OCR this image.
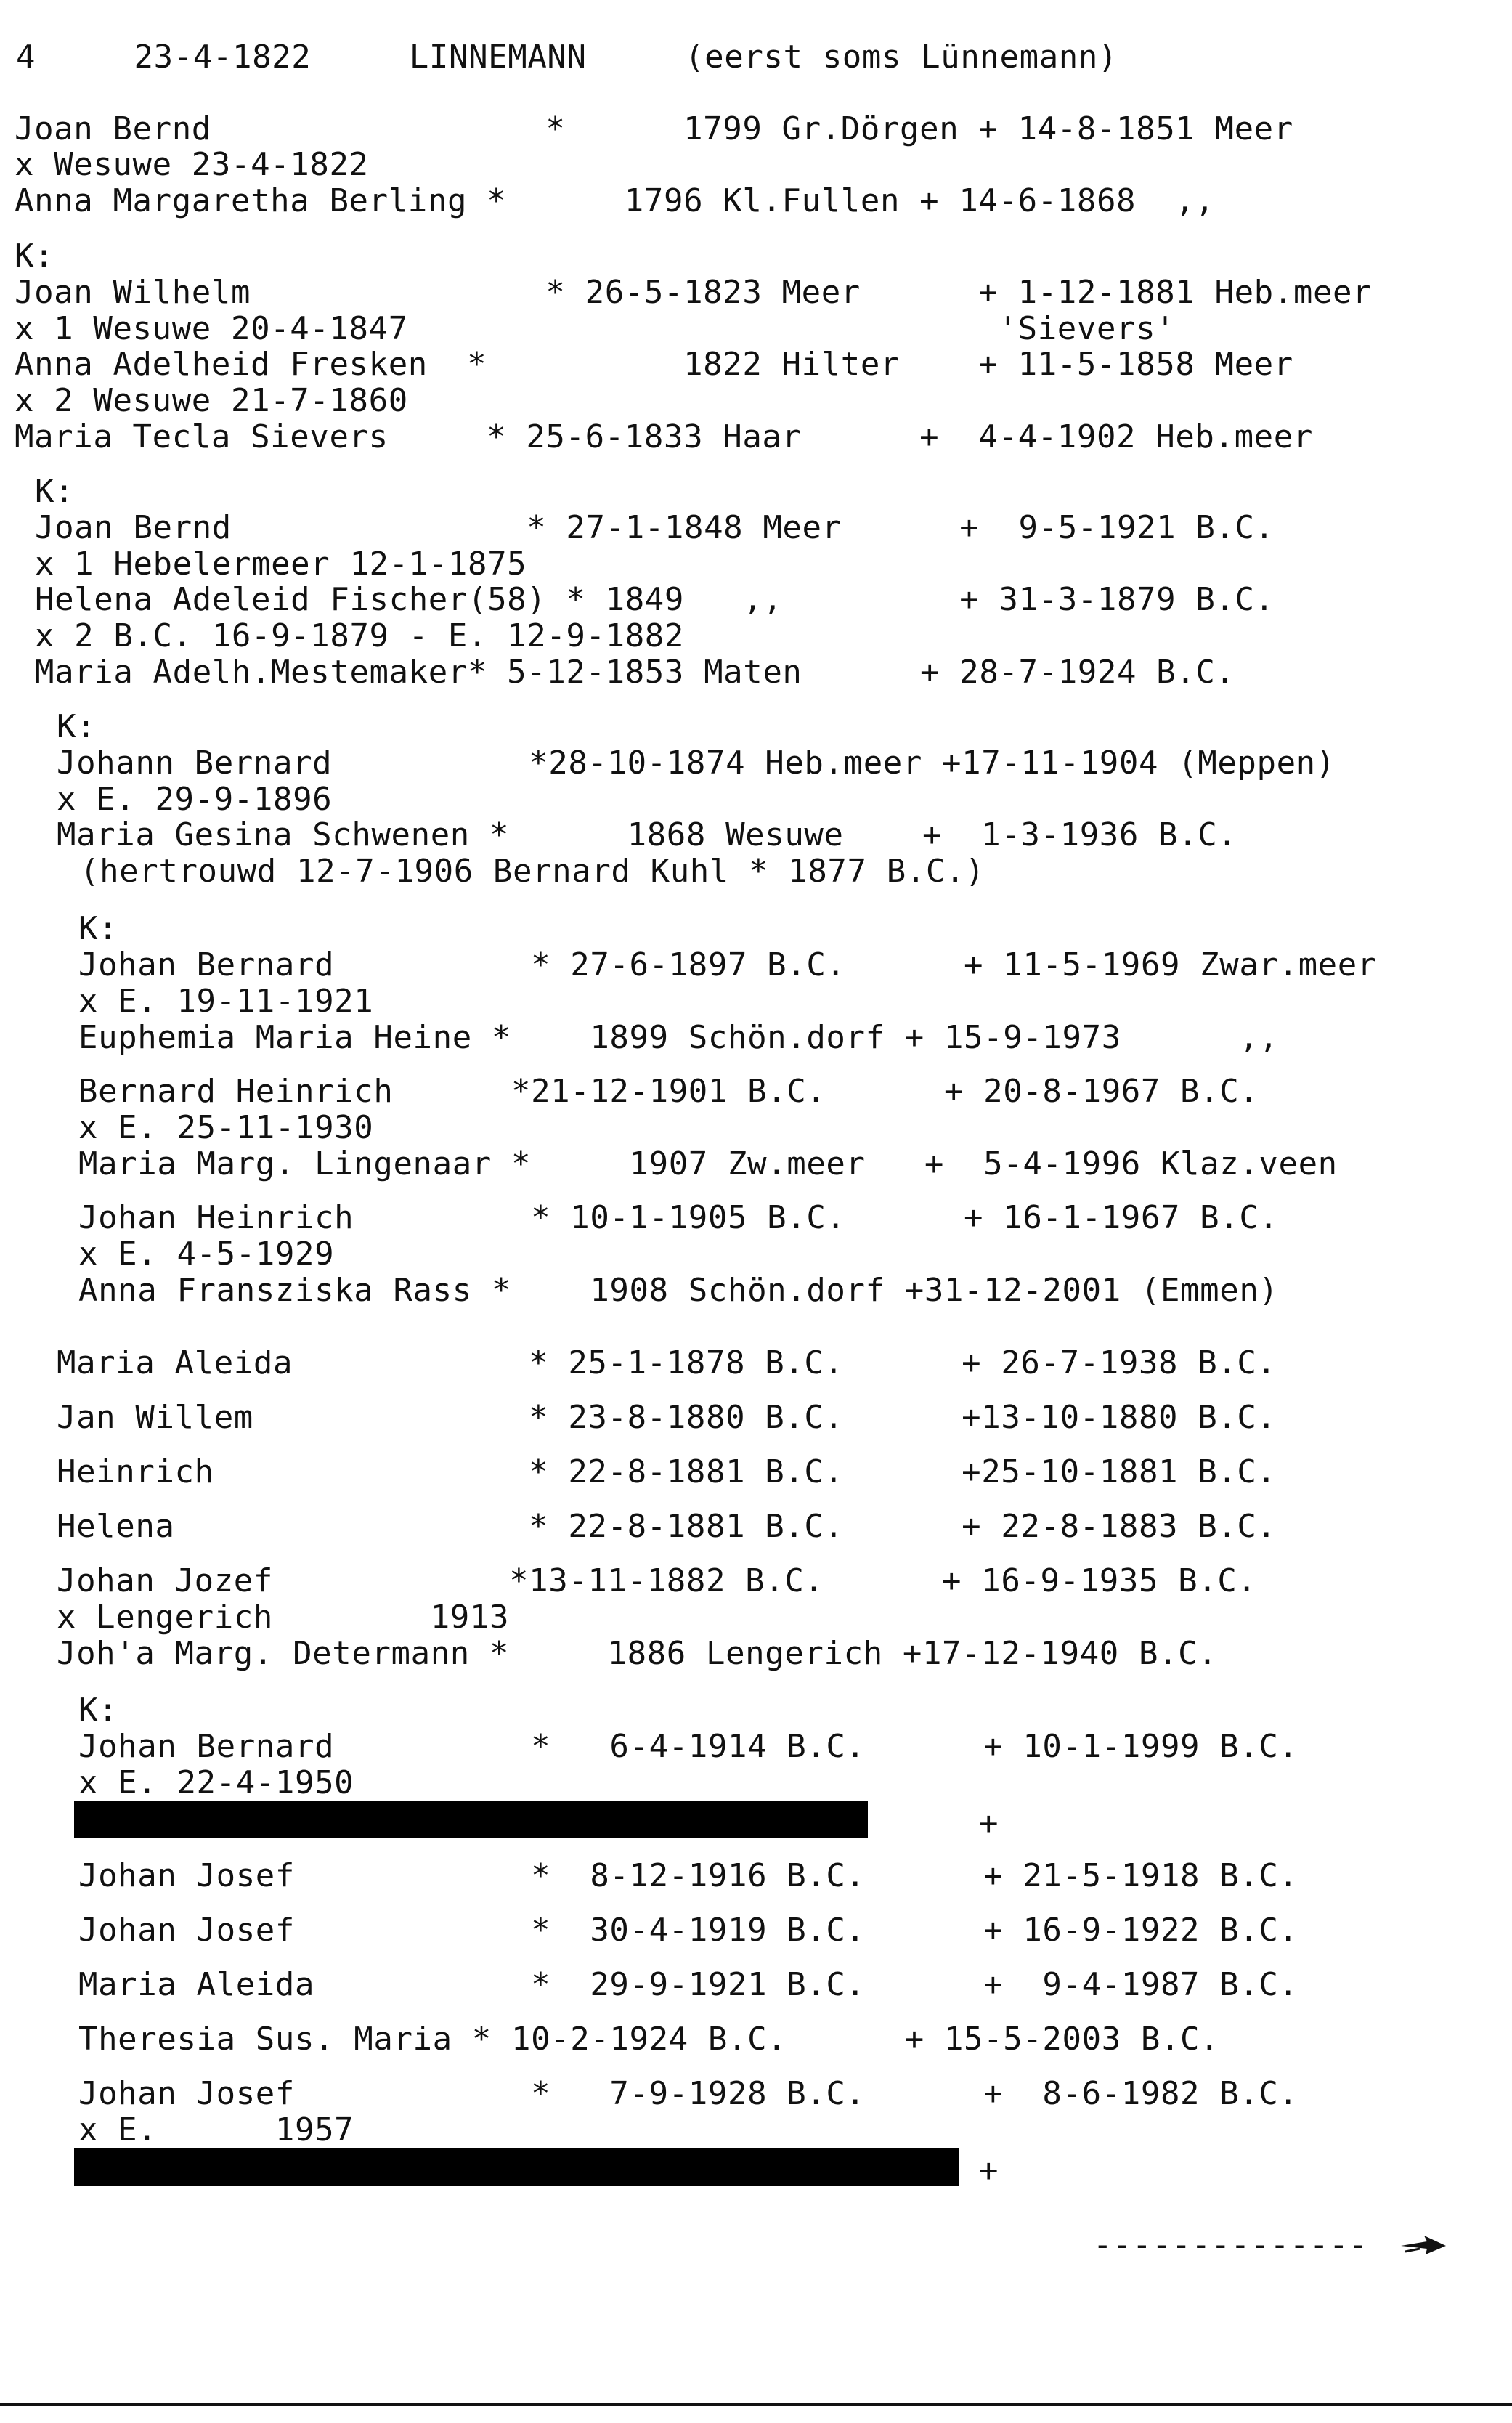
4     23-4-1822     LINNEMANN     (eerst soms Lünnemann)
Joan Bernd                 *      1799 Gr.Dörgen + 14-8-1851 Meer
x Wesuwe 23-4-1822
Anna Margaretha Berling *      1796 Kl.Fullen + 14-6-1868  ,,
K:
Joan Wilhelm               * 26-5-1823 Meer      + 1-12-1881 Heb.meer
x 1 Wesuwe 20-4-1847                              'Sievers'
Anna Adelheid Fresken  *          1822 Hilter    + 11-5-1858 Meer
x 2 Wesuwe 21-7-1860
Maria Tecla Sievers     * 25-6-1833 Haar      +  4-4-1902 Heb.meer
K:
Joan Bernd               * 27-1-1848 Meer      +  9-5-1921 B.C.
x 1 Hebelermeer 12-1-1875
Helena Adeleid Fischer(58) * 1849   ,,         + 31-3-1879 B.C.
x 2 B.C. 16-9-1879 - E. 12-9-1882
Maria Adelh.Mestemaker* 5-12-1853 Maten      + 28-7-1924 B.C.
K:
Johann Bernard          *28-10-1874 Heb.meer +17-11-1904 (Meppen)
x E. 29-9-1896
Maria Gesina Schwenen *      1868 Wesuwe    +  1-3-1936 B.C.
(hertrouwd 12-7-1906 Bernard Kuhl * 1877 B.C.)
K:
Johan Bernard          * 27-6-1897 B.C.      + 11-5-1969 Zwar.meer
x E. 19-11-1921
Euphemia Maria Heine *    1899 Schön.dorf + 15-9-1973      ,,
Bernard Heinrich      *21-12-1901 B.C.      + 20-8-1967 B.C.
x E. 25-11-1930
Maria Marg. Lingenaar *     1907 Zw.meer   +  5-4-1996 Klaz.veen
Johan Heinrich         * 10-1-1905 B.C.      + 16-1-1967 B.C.
x E. 4-5-1929
Anna Fransziska Rass *    1908 Schön.dorf +31-12-2001 (Emmen)
Maria Aleida            * 25-1-1878 B.C.      + 26-7-1938 B.C.
Jan Willem              * 23-8-1880 B.C.      +13-10-1880 B.C.
Heinrich                * 22-8-1881 B.C.      +25-10-1881 B.C.
Helena                  * 22-8-1881 B.C.      + 22-8-1883 B.C.
Johan Jozef            *13-11-1882 B.C.      + 16-9-1935 B.C.
x Lengerich        1913
Joh'a Marg. Determann *     1886 Lengerich +17-12-1940 B.C.
K:
Johan Bernard          *   6-4-1914 B.C.      + 10-1-1999 B.C.
x E. 22-4-1950
+
Johan Josef            *  8-12-1916 B.C.      + 21-5-1918 B.C.
Johan Josef            *  30-4-1919 B.C.      + 16-9-1922 B.C.
Maria Aleida           *  29-9-1921 B.C.      +  9-4-1987 B.C.
Theresia Sus. Maria * 10-2-1924 B.C.      + 15-5-2003 B.C.
Johan Josef            *   7-9-1928 B.C.      +  8-6-1982 B.C.
x E.      1957
+
--------------
